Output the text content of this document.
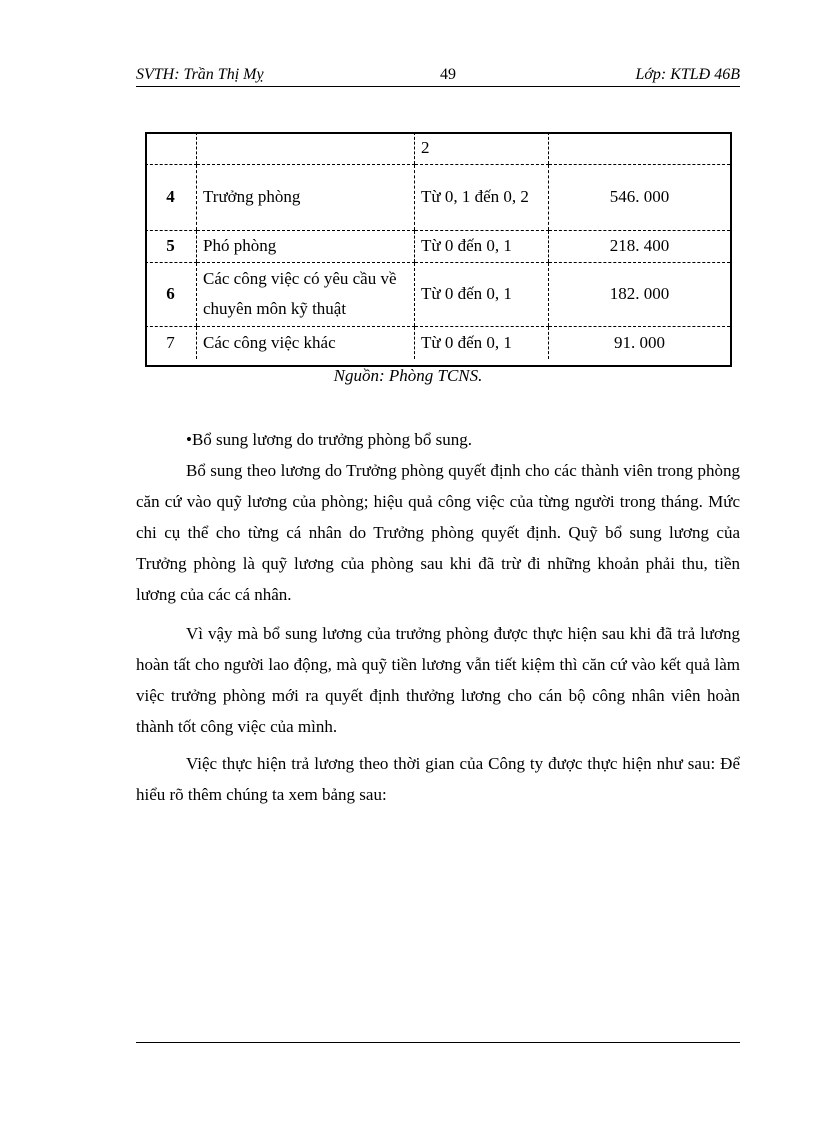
SVTH: Trần Thị Mỵ	49	Lớp: KTLĐ 46B
		2	
4	Trưởng phòng	Từ 0, 1 đến 0, 2	546. 000
5	Phó phòng	Từ 0 đến 0, 1	218. 400
6	Các công việc có yêu cầu về chuyên môn kỹ thuật	Từ 0 đến 0, 1	182. 000
7	Các công việc khác	Từ 0 đến 0, 1	91. 000
Nguồn: Phòng TCNS.
•Bổ sung lương do trưởng phòng bổ sung.

Bổ sung theo lương do Trưởng phòng quyết định cho các thành viên trong phòng căn cứ vào quỹ lương của phòng; hiệu quả công việc của từng người trong tháng. Mức chi cụ thể cho từng cá nhân do Trưởng phòng quyết định. Quỹ bổ sung lương của Trưởng phòng là quỹ lương của phòng sau khi đã trừ đi những khoản phải thu, tiền lương của các cá nhân.

Vì vậy mà bổ sung lương của trưởng phòng được thực hiện sau khi đã trả lương hoàn tất cho người lao động, mà quỹ tiền lương vẫn tiết kiệm thì căn cứ vào kết quả làm việc trưởng phòng mới ra quyết định thưởng lương cho cán bộ công nhân viên hoàn thành tốt công việc của mình.

Việc thực hiện trả lương theo thời gian của Công ty được thực hiện như sau: Để hiểu rõ thêm chúng ta xem bảng sau:
